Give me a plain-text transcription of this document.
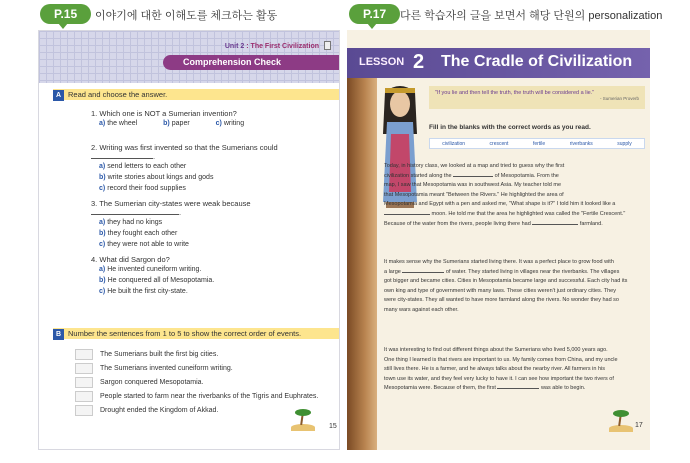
P.15	이야기에 대한 이해도를 체크하는 활동	P.17	다른 학습자의 글을 보면서 해당 단원의 personalization
Unit 2 : The First Civilization
Comprehension Check
A Read and choose the answer.
1. Which one is NOT a Sumerian invention?
a) the wheel	b) paper	c) writing
2. Writing was first invented so that the Sumerians could .
a) send letters to each other
b) write stories about kings and gods
c) record their food supplies
3. The Sumerian city-states were weak because .
a) they had no kings
b) they fought each other
c) they were not able to write
4. What did Sargon do?
a) He invented cuneiform writing.
b) He conquered all of Mesopotamia.
c) He built the first city-state.
B Number the sentences from 1 to 5 to show the correct order of events.
The Sumerians built the first big cities.
The Sumerians invented cuneiform writing.
Sargon conquered Mesopotamia.
People started to farm near the riverbanks of the Tigris and Euphrates.
Drought ended the Kingdom of Akkad.
15
LESSON 2 The Cradle of Civilization
"If you lie and then tell the truth, the truth will be considered a lie."
- Sumerian Proverb
Fill in the blanks with the correct words as you read.
civilization	crescent	fertile	riverbanks	supply
Today, in history class, we looked at a map and tried to guess why the first
civilization started along the	of Mesopotamia. From the
map, I saw that Mesopotamia was in southwest Asia. My teacher told me
that Mesopotamia meant "Between the Rivers." He highlighted the area of
Mesopotamia and Egypt with a pen and asked me, "What shape is it?" I told him it looked like a
moon. He told me that the area he highlighted was called the "Fertile Crescent."
Because of the water from the rivers, people living there had	farmland.
It makes sense why the Sumerians started living there. It was a perfect place to grow food with
a large	of water. They started living in villages near the riverbanks. The villages
got bigger and became cities. Cities in Mesopotamia became large and successful. Each city had its
own king and type of government with many laws. These cities weren't just ordinary cities. They
were city-states. They all wanted to have more farmland along the rivers. No wonder they had so
many wars against each other.
It was interesting to find out different things about the Sumerians who lived 5,000 years ago.
One thing I learned is that rivers are important to us. My family comes from China, and my uncle
still lives there. He is a farmer, and he always talks about the nearby river. All farmers in his
town use its water, and they feel very lucky to have it. I can see how important the two rivers of
Mesopotamia were. Because of them, the first	was able to begin.
17
